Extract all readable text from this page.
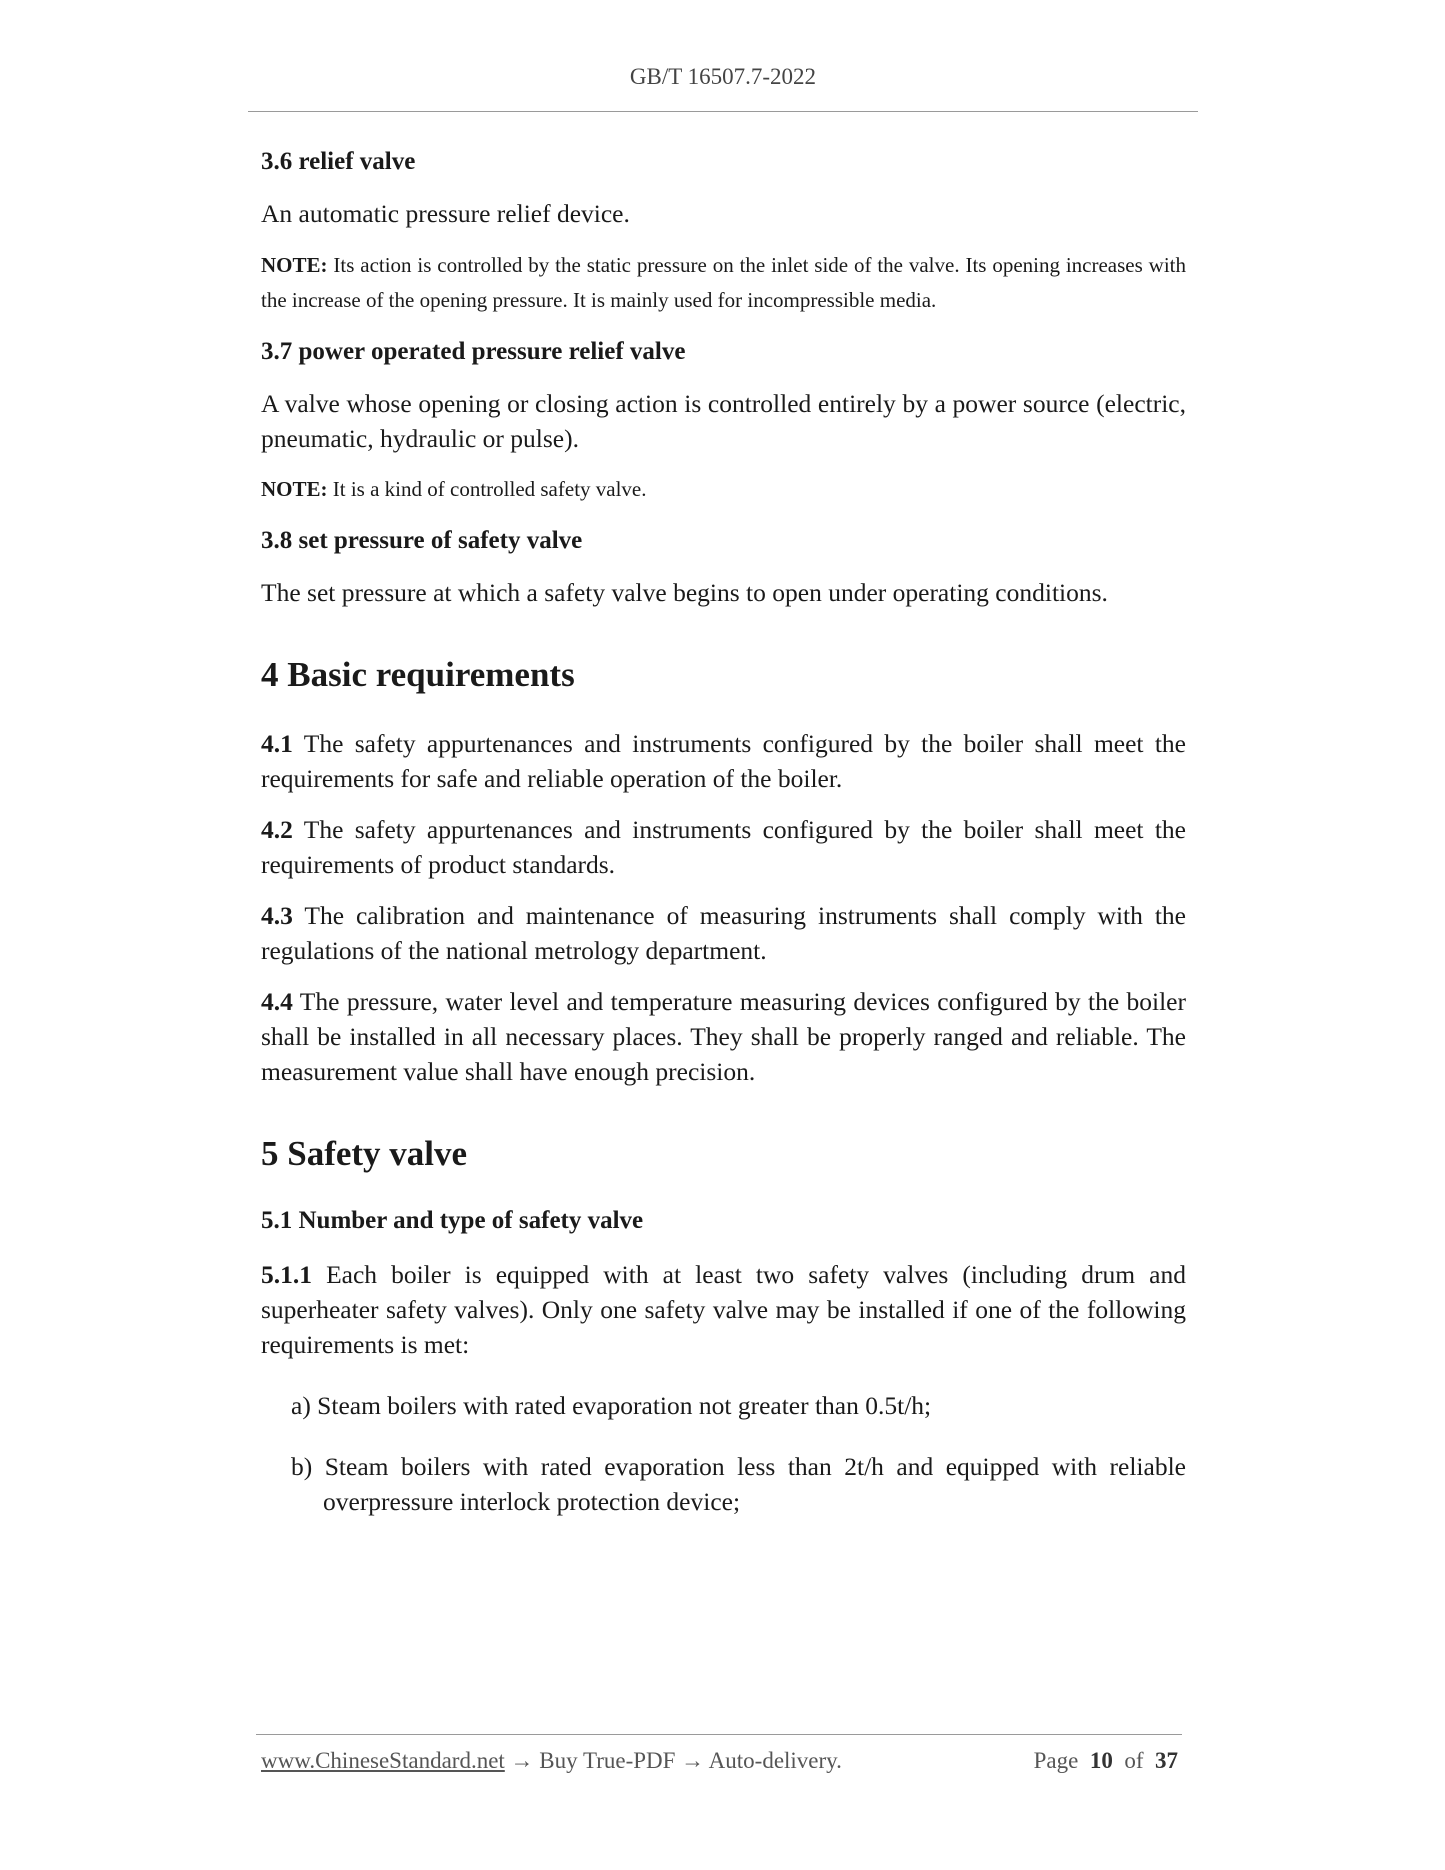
GB/T 16507.7-2022

3.6 relief valve

An automatic pressure relief device.

NOTE: Its action is controlled by the static pressure on the inlet side of the valve. Its opening increases with the increase of the opening pressure. It is mainly used for incompressible media.

3.7 power operated pressure relief valve

A valve whose opening or closing action is controlled entirely by a power source (electric, pneumatic, hydraulic or pulse).

NOTE: It is a kind of controlled safety valve.

3.8 set pressure of safety valve

The set pressure at which a safety valve begins to open under operating conditions.

4 Basic requirements

4.1 The safety appurtenances and instruments configured by the boiler shall meet the requirements for safe and reliable operation of the boiler.

4.2 The safety appurtenances and instruments configured by the boiler shall meet the requirements of product standards.

4.3 The calibration and maintenance of measuring instruments shall comply with the regulations of the national metrology department.

4.4 The pressure, water level and temperature measuring devices configured by the boiler shall be installed in all necessary places. They shall be properly ranged and reliable. The measurement value shall have enough precision.

5 Safety valve

5.1 Number and type of safety valve

5.1.1 Each boiler is equipped with at least two safety valves (including drum and superheater safety valves). Only one safety valve may be installed if one of the following requirements is met:

a) Steam boilers with rated evaporation not greater than 0.5t/h;

b) Steam boilers with rated evaporation less than 2t/h and equipped with reliable overpressure interlock protection device;

www.ChineseStandard.net → Buy True-PDF → Auto-delivery.	Page 10 of 37
